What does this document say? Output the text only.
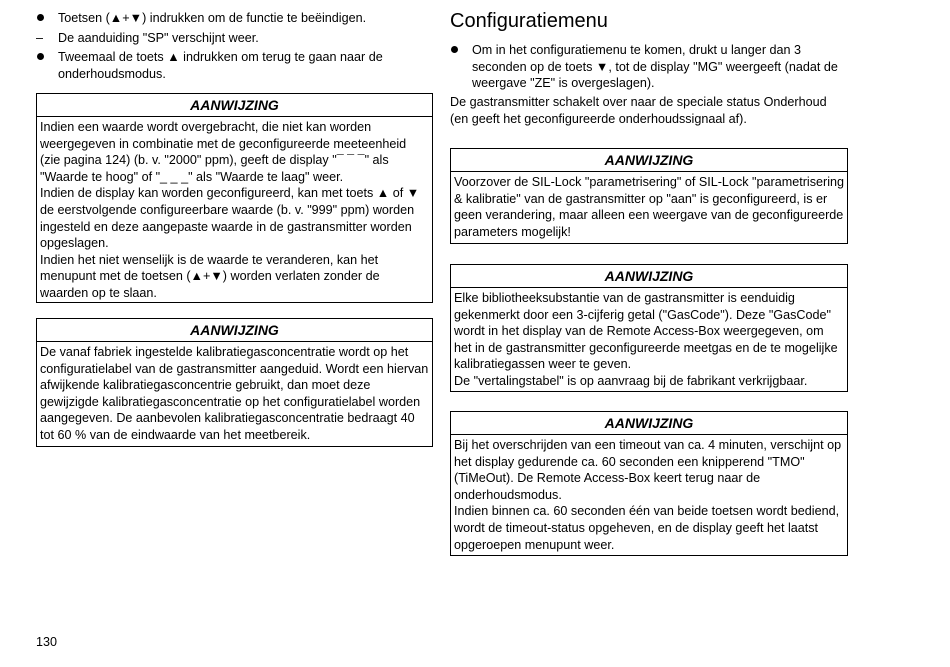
Toetsen (▲+▼) indrukken om de functie te beëindigen.
–	De aanduiding "SP" verschijnt weer.
Tweemaal de toets ▲ indrukken om terug te gaan naar de onderhoudsmodus.
AANWIJZING

Indien een waarde wordt overgebracht, die niet kan worden weergegeven in combinatie met de geconfigureerde meeteenheid (zie pagina 124) (b. v. "2000" ppm), geeft de display "¯ ¯ ¯" als "Waarde te hoog" of "_ _ _" als "Waarde te laag" weer.

Indien de display kan worden geconfigureerd, kan met toets ▲ of ▼ de eerstvolgende configureerbare waarde (b. v. "999" ppm) worden ingesteld en deze aangepaste waarde in de gastransmitter worden opgeslagen.

Indien het niet wenselijk is de waarde te veranderen, kan het menupunt met de toetsen (▲+▼) worden verlaten zonder de waarden op te slaan.

AANWIJZING

De vanaf fabriek ingestelde kalibratiegasconcentratie wordt op het configuratielabel van de gastransmitter aangeduid. Wordt een hiervan afwijkende kalibratiegasconcentrie gebruikt, dan moet deze gewijzigde kalibratiegasconcentratie op het configuratielabel worden aangegeven. De aanbevolen kalibratiegasconcentratie bedraagt 40 tot 60 % van de eindwaarde van het meetbereik.

Configuratiemenu
Om in het configuratiemenu te komen, drukt u langer dan 3 seconden op de toets ▼, tot de display "MG" weergeeft (nadat de weergave "ZE" is overgeslagen).

De gastransmitter schakelt over naar de speciale status Onderhoud (en geeft het geconfigureerde onderhoudssignaal af).

AANWIJZING

Voorzover de SIL-Lock "parametrisering" of SIL-Lock "parametrisering & kalibratie" van de gastransmitter op "aan" is geconfigureerd, is er geen verandering, maar alleen een weergave van de geconfigureerde parameters mogelijk!

AANWIJZING

Elke bibliotheeksubstantie van de gastransmitter is eenduidig gekenmerkt door een 3-cijferig getal ("GasCode"). Deze "GasCode" wordt in het display van de Remote Access-Box weergegeven, om het in de gastransmitter geconfigureerde meetgas en de te mogelijke kalibratiegassen weer te geven.

De "vertalingstabel" is op aanvraag bij de fabrikant verkrijgbaar.

AANWIJZING

Bij het overschrijden van een timeout van ca. 4 minuten, verschijnt op het display gedurende ca. 60 seconden een knipperend "TMO" (TiMeOut). De Remote Access-Box keert terug naar de onderhoudsmodus.

Indien binnen ca. 60 seconden één van beide toetsen wordt bediend, wordt de timeout-status opgeheven, en de display geeft het laatst opgeroepen menupunt weer.

130
